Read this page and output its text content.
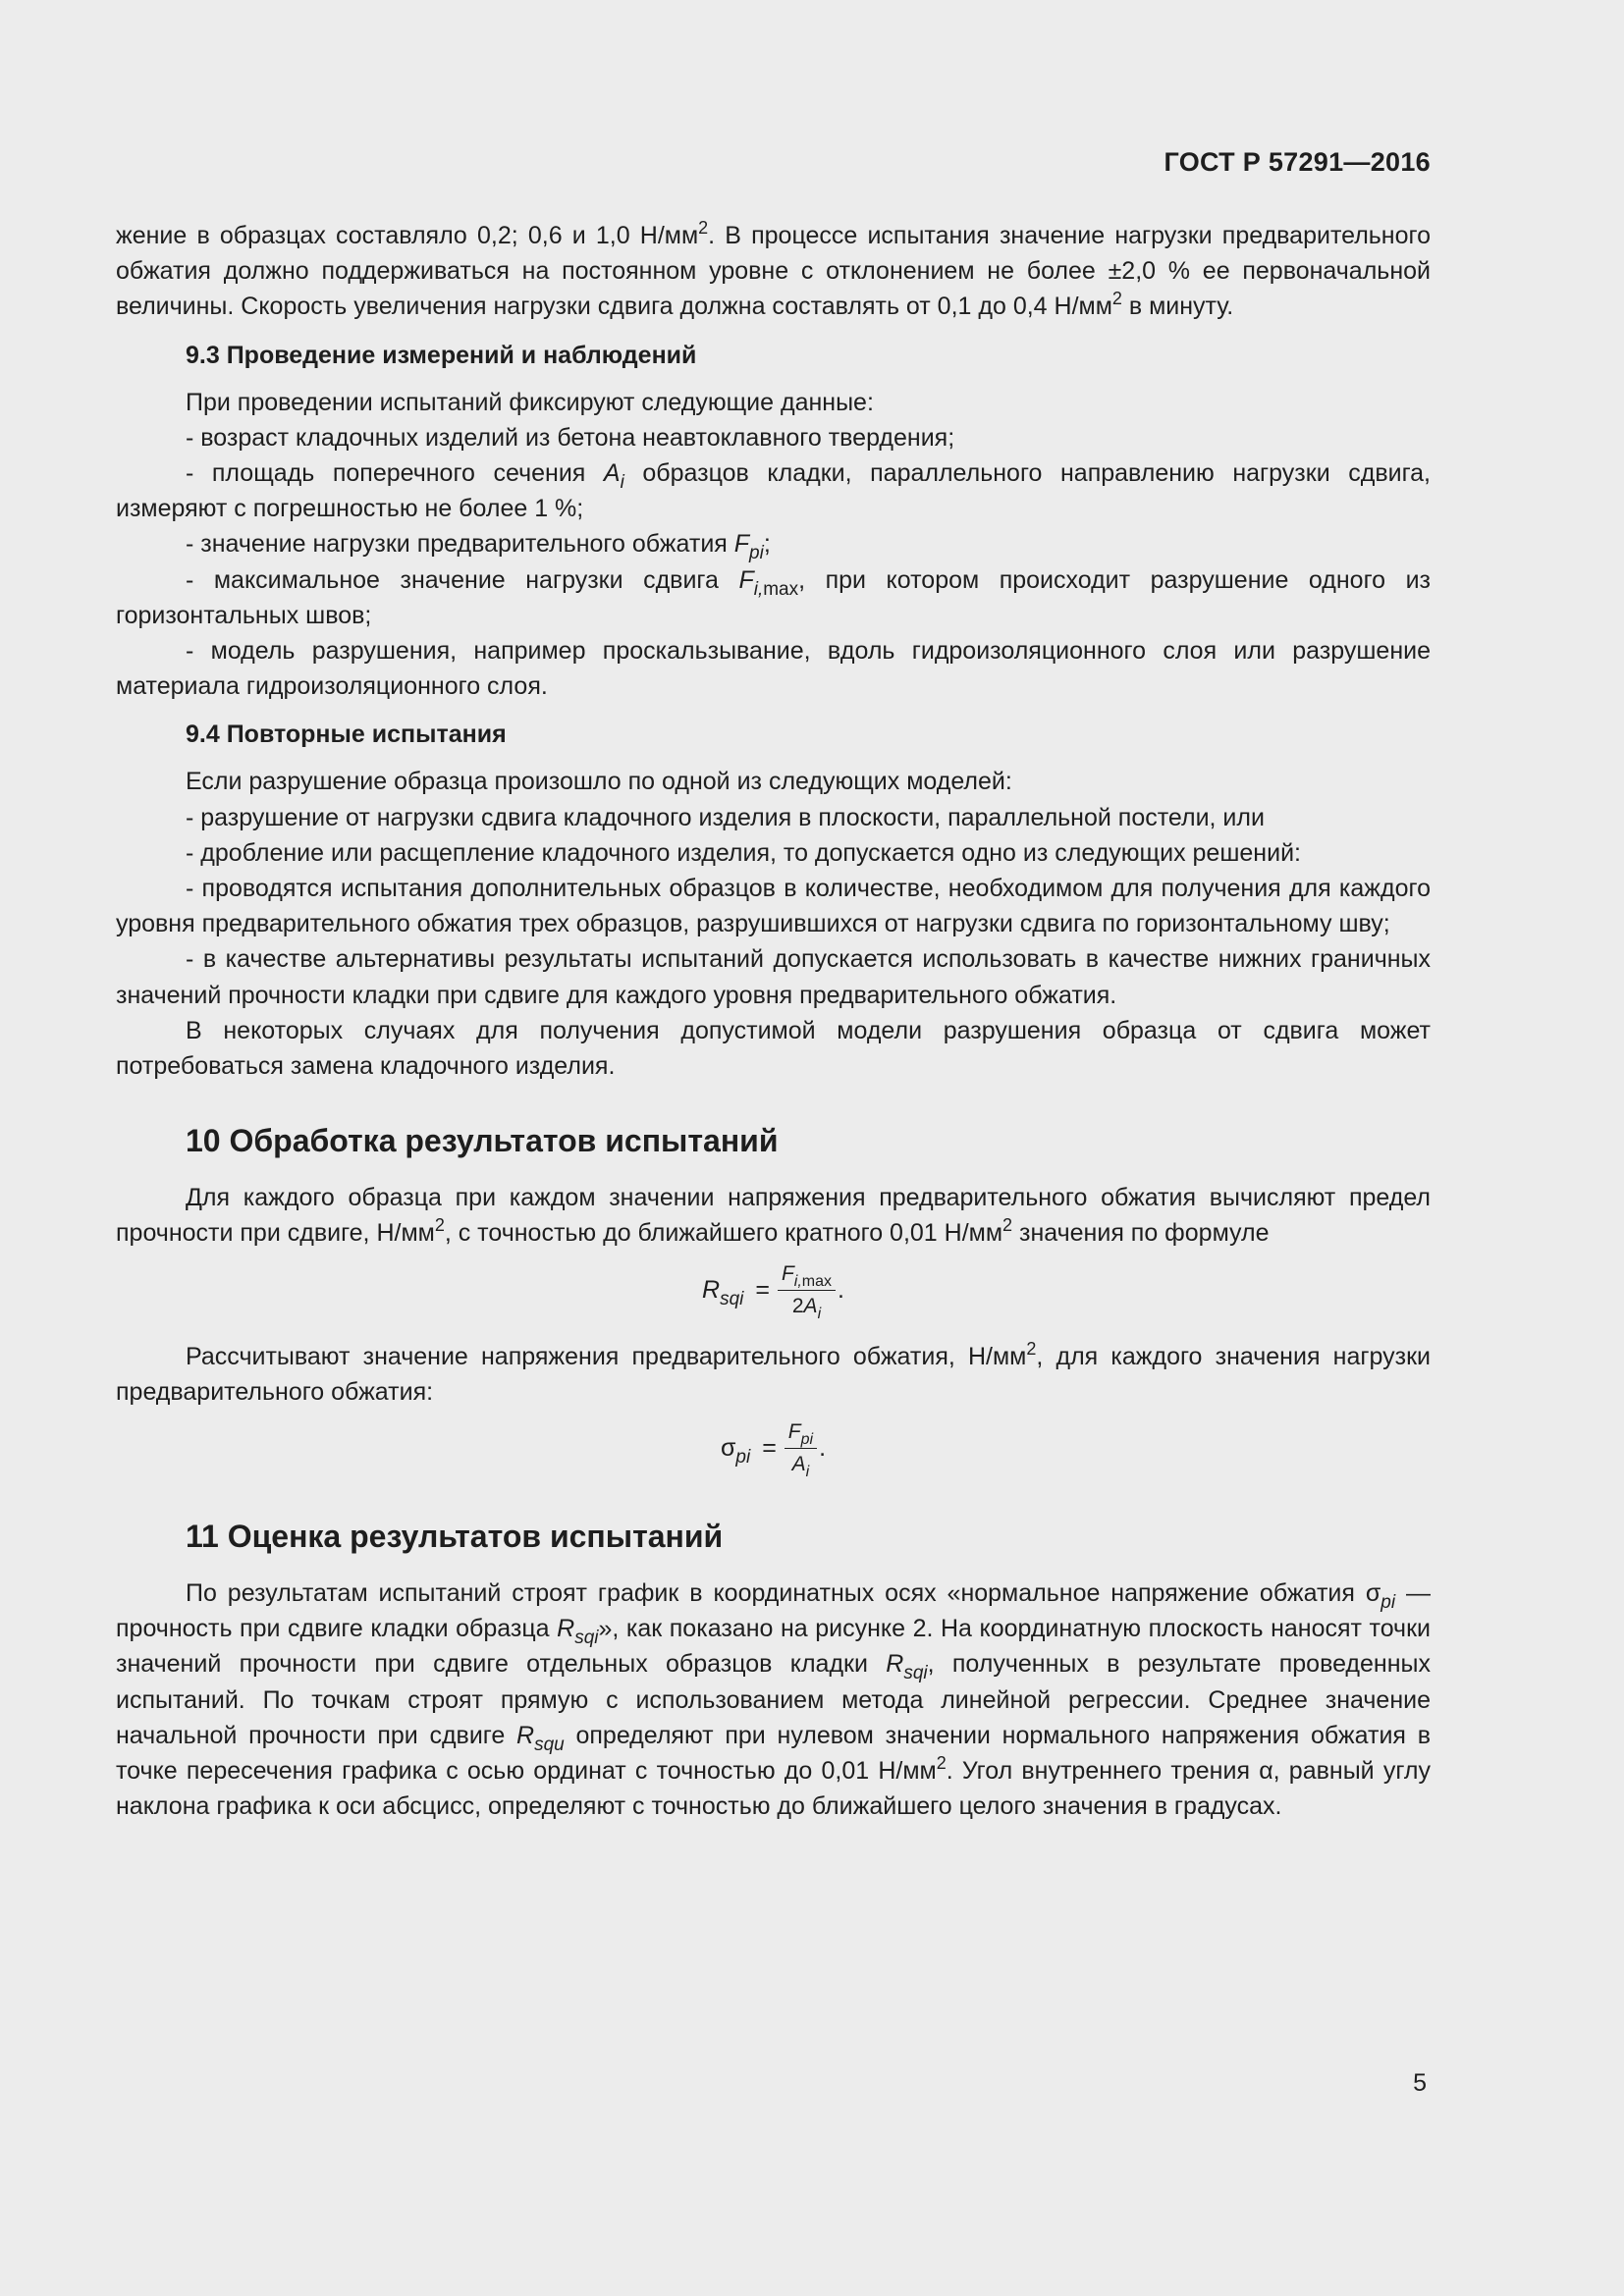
ГОСТ Р 57291—2016

жение в образцах составляло 0,2; 0,6 и 1,0 $Н/мм^2$. В процессе испытания значение нагрузки предварительного обжатия должно поддерживаться на постоянном уровне с отклонением не более ±2,0 % ее первоначальной величины. Скорость увеличения нагрузки сдвига должна составлять от 0,1 до 0,4 $Н/мм^2$ в минуту.

9.3 Проведение измерений и наблюдений

При проведении испытаний фиксируют следующие данные:

- возраст кладочных изделий из бетона неавтоклавного твердения;

- площадь поперечного сечения $A_i$ образцов кладки, параллельного направлению нагрузки сдвига, измеряют с погрешностью не более 1 %;

- значение нагрузки предварительного обжатия $F_{pi}$;

- максимальное значение нагрузки сдвига $F_{i,max}$, при котором происходит разрушение одного из горизонтальных швов;

- модель разрушения, например проскальзывание, вдоль гидроизоляционного слоя или разрушение материала гидроизоляционного слоя.

9.4 Повторные испытания

Если разрушение образца произошло по одной из следующих моделей:

- разрушение от нагрузки сдвига кладочного изделия в плоскости, параллельной постели, или

- дробление или расщепление кладочного изделия, то допускается одно из следующих решений:

- проводятся испытания дополнительных образцов в количестве, необходимом для получения для каждого уровня предварительного обжатия трех образцов, разрушившихся от нагрузки сдвига по горизонтальному шву;

- в качестве альтернативы результаты испытаний допускается использовать в качестве нижних граничных значений прочности кладки при сдвиге для каждого уровня предварительного обжатия.

В некоторых случаях для получения допустимой модели разрушения образца от сдвига может потребоваться замена кладочного изделия.

10 Обработка результатов испытаний

Для каждого образца при каждом значении напряжения предварительного обжатия вычисляют предел прочности при сдвиге, $Н/мм^2$, с точностью до ближайшего кратного 0,01 $Н/мм^2$ значения по формуле

$R_{sqi} = \frac{F_{i,max}}{2A_i}$ .

Рассчитывают значение напряжения предварительного обжатия, $Н/мм^2$, для каждого значения нагрузки предварительного обжатия:

$\sigma_{pi} = \frac{F_{pi}}{A_i}$ .
11 Оценка результатов испытаний

По результатам испытаний строят график в координатных осях «нормальное напряжение обжатия $\sigma_{pi}$ — прочность при сдвиге кладки образца $R_{sqi}$», как показано на рисунке 2. На координатную плоскость наносят точки значений прочности при сдвиге отдельных образцов кладки $R_{sqi}$, полученных в результате проведенных испытаний. По точкам строят прямую с использованием метода линейной регрессии. Среднее значение начальной прочности при сдвиге $R_{squ}$ определяют при нулевом значении нормального напряжения обжатия в точке пересечения графика с осью ординат с точностью до 0,01 $Н/мм^2$. Угол внутреннего трения α, равный углу наклона графика к оси абсцисс, определяют с точностью до ближайшего целого значения в градусах.

5
